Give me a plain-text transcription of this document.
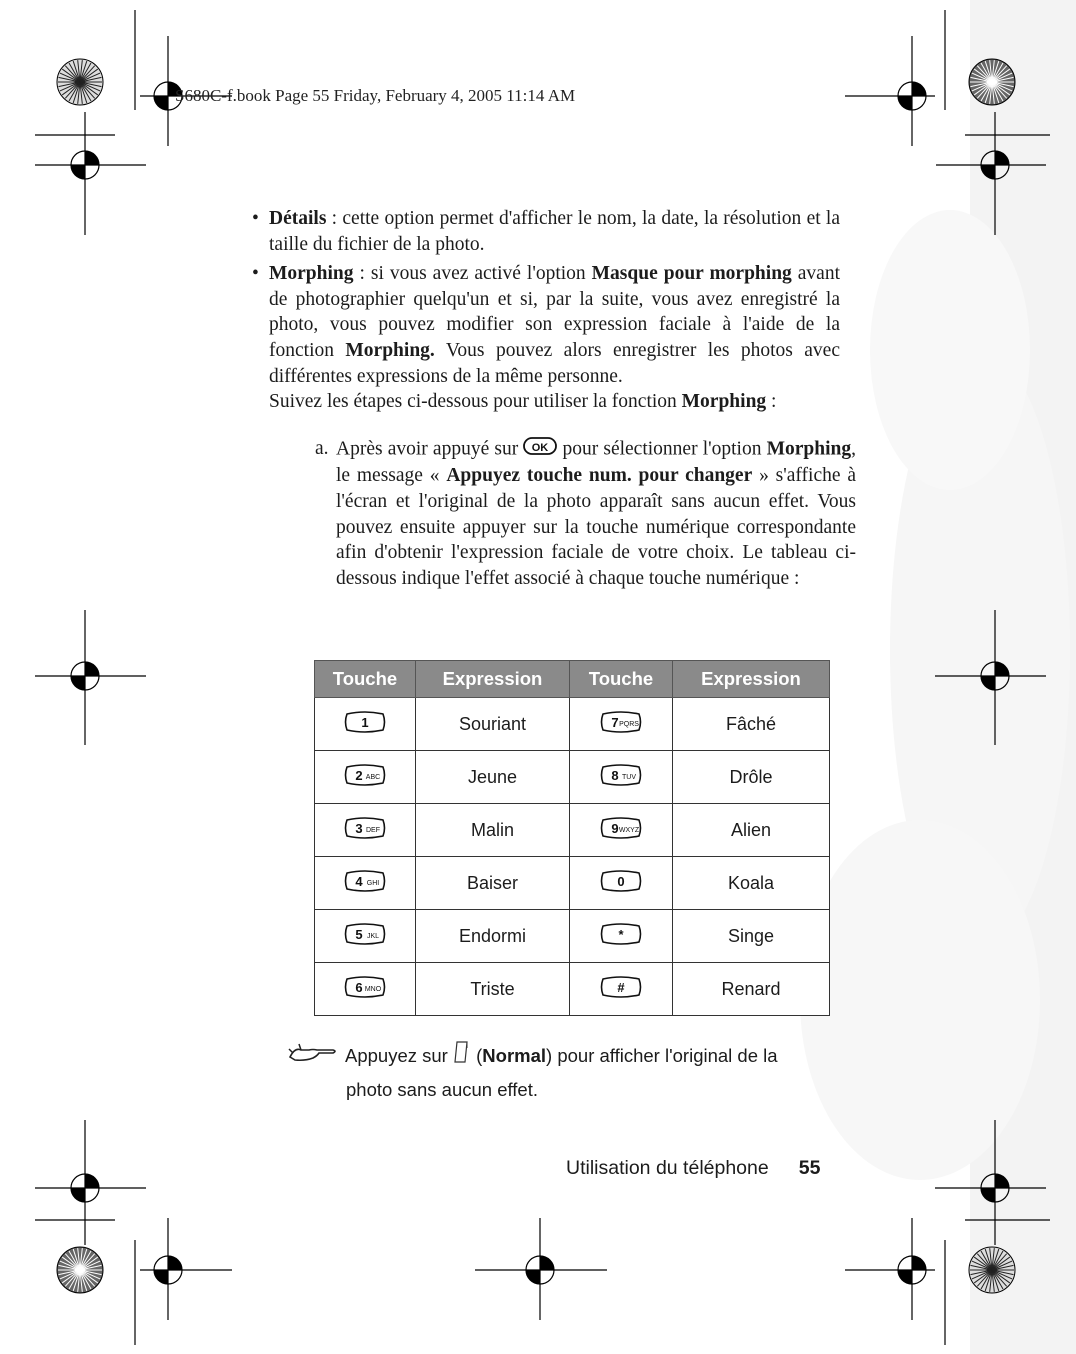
S680C-f.book Page 55 Friday, February 4, 2005 11:14 AM
• Détails : cette option permet d'afficher le nom, la date, la résolution et la taille du fichier de la photo.

• Morphing : si vous avez activé l'option Masque pour morphing avant de photographier quelqu'un et si, par la suite, vous avez enregistré la photo, vous pouvez modifier son expression faciale à l'aide de la fonction Morphing. Vous pouvez alors enregistrer les photos avec différentes expressions de la même personne.

Suivez les étapes ci-dessous pour utiliser la fonction Morphing :

a. Après avoir appuyé sur OK pour sélectionner l'option Morphing, le message « Appuyez touche num. pour changer » s'affiche à l'écran et l'original de la photo apparaît sans aucun effet. Vous pouvez ensuite appuyer sur la touche numérique correspondante afin d'obtenir l'expression faciale de votre choix. Le tableau ci-dessous indique l'effet associé à chaque touche numérique :
Touche	Expression	Touche	Expression

1	Souriant	7 PQRS	Fâché

2 ABC	Jeune	8 TUV	Drôle

3 DEF	Malin	9 WXYZ	Alien

4 GHI	Baiser	0	Koala

5 JKL	Endormi	*	Singe

6 MNO	Triste	#	Renard
Appuyez sur  (Normal) pour afficher l'original de la
photo sans aucun effet.
Utilisation du téléphone 55
